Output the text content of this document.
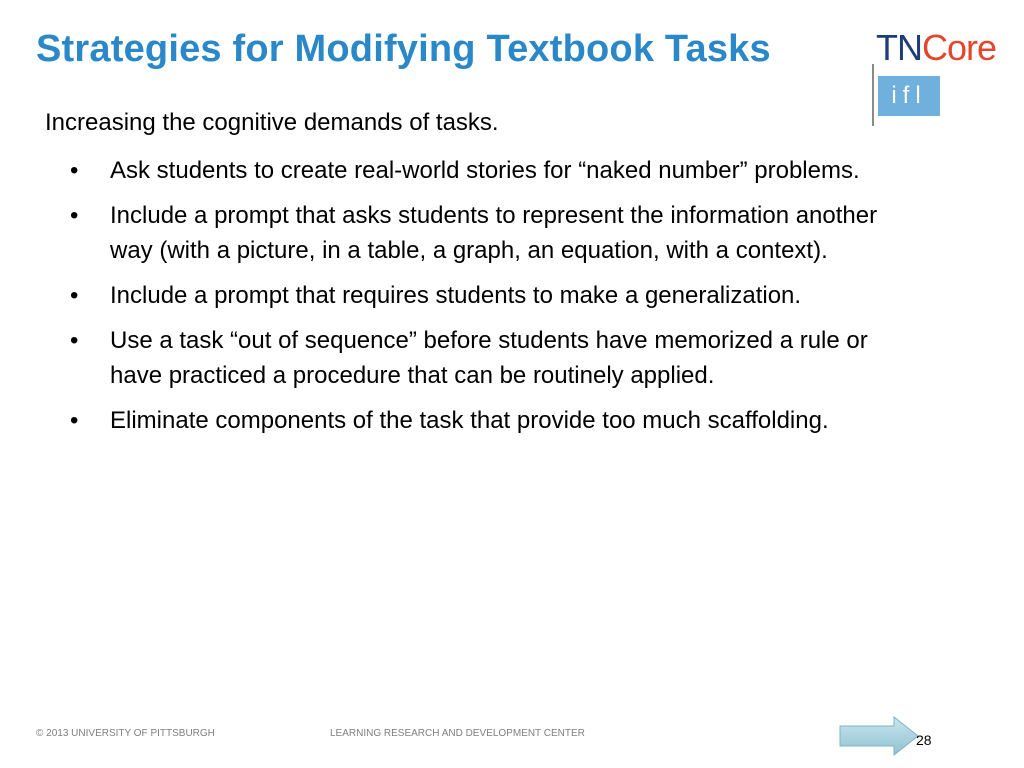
Strategies for Modifying Textbook Tasks	TNCore
ifl
Increasing the cognitive demands of tasks.
• Ask students to create real-world stories for “naked number” problems.
• Include a prompt that asks students to represent the information another way (with a picture, in a table, a graph, an equation, with a context).
• Include a prompt that requires students to make a generalization.
• Use a task “out of sequence” before students have memorized a rule or have practiced a procedure that can be routinely applied.
• Eliminate components of the task that provide too much scaffolding.
© 2013 UNIVERSITY OF PITTSBURGH	LEARNING RESEARCH AND DEVELOPMENT CENTER	28
